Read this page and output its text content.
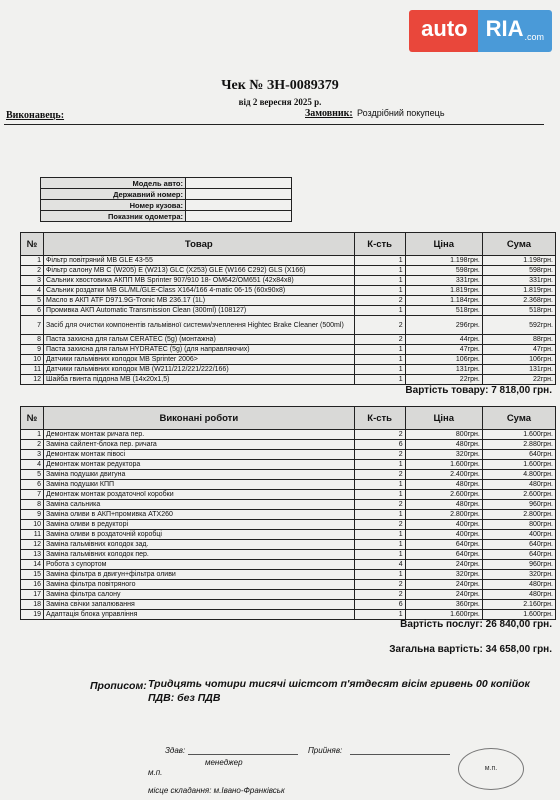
auto RIA.com
Чек № ЗН-0089379
від 2 вересня 2025 р.
Виконавець:	Замовник: Роздрібний покупець
Модель авто:	
Державний номер:	
Номер кузова:	
Показник одометра:	
№	Товар	К-сть	Ціна	Сума
1	Фільтр повітряний MB GLE 43-55	1	1.198грн.	1.198грн.
2	Фільтр салону MB C (W205) E (W213) GLC (X253) GLE (W166 C292) GLS (X166)	1	598грн.	598грн.
3	Сальник хвостовика АКПП MB Sprinter 907/910 18- OM642/OM651 (42x84x8)	1	331грн.	331грн.
4	Сальник роздатки MB GL/ML/GLE-Class X164/166 4-matic 06-15 (60x90x8)	1	1.819грн.	1.819грн.
5	Масло в АКП ATF D971.9G-Tronic MB 236.17 (1L)	2	1.184грн.	2.368грн.
6	Промивка АКП Automatic Transmission Clean (300ml) (108127)	1	518грн.	518грн.
7	Засіб для очистки компонентів гальмівної системи/зчеплення Hightec Brake Cleaner (500ml)	2	296грн.	592грн.
8	Паста захисна для гальм CERATEC (5g) (монтажна)	2	44грн.	88грн.
9	Паста захисна для гальм HYDRATEC (5g) (для направляючих)	1	47грн.	47грн.
10	Датчики гальмівних колодок MB Sprinter 2006>	1	106грн.	106грн.
11	Датчики гальмівних колодок MB (W211/212/221/222/166)	1	131грн.	131грн.
12	Шайба гвинта піддона MB (14x20x1,5)	1	22грн.	22грн.
Вартість товару: 7 818,00 грн.
№	Виконані роботи	К-сть	Ціна	Сума
1	Демонтаж монтаж ричага пер.	2	800грн.	1.600грн.
2	Заміна сайлент-блока пер. ричага	6	480грн.	2.880грн.
3	Демонтаж монтаж півосі	2	320грн.	640грн.
4	Демонтаж монтаж редуктора	1	1.600грн.	1.600грн.
5	Заміна подушки двигуна	2	2.400грн.	4.800грн.
6	Заміна подушки КПП	1	480грн.	480грн.
7	Демонтаж монтаж роздаточної коробки	1	2.600грн.	2.600грн.
8	Заміна сальника	2	480грн.	960грн.
9	Заміна оливи в АКП+промивка АТХ260	1	2.800грн.	2.800грн.
10	Заміна оливи в редукторі	2	400грн.	800грн.
11	Заміна оливи в роздаточній коробці	1	400грн.	400грн.
12	Заміна гальмівних колодок зад.	1	640грн.	640грн.
13	Заміна гальмівних колодок пер.	1	640грн.	640грн.
14	Робота з супортом	4	240грн.	960грн.
15	Заміна фільтра в двигун+фільтра оливи	1	320грн.	320грн.
16	Заміна фільтра повітряного	2	240грн.	480грн.
17	Заміна фільтра салону	2	240грн.	480грн.
18	Заміна свічки запалювання	6	360грн.	2.160грн.
19	Адаптація блока управління	1	1.600грн.	1.600грн.
Вартість послуг: 26 840,00 грн.
Загальна вартість: 34 658,00 грн.
Прописом: Тридцять чотири тисячі шістсот п'ятдесят вісім гривень 00 копійок ПДВ: без ПДВ
Здав:
менеджер
Прийняв:
м.п.	м.п.
місце складання: м.Івано-Франківськ
